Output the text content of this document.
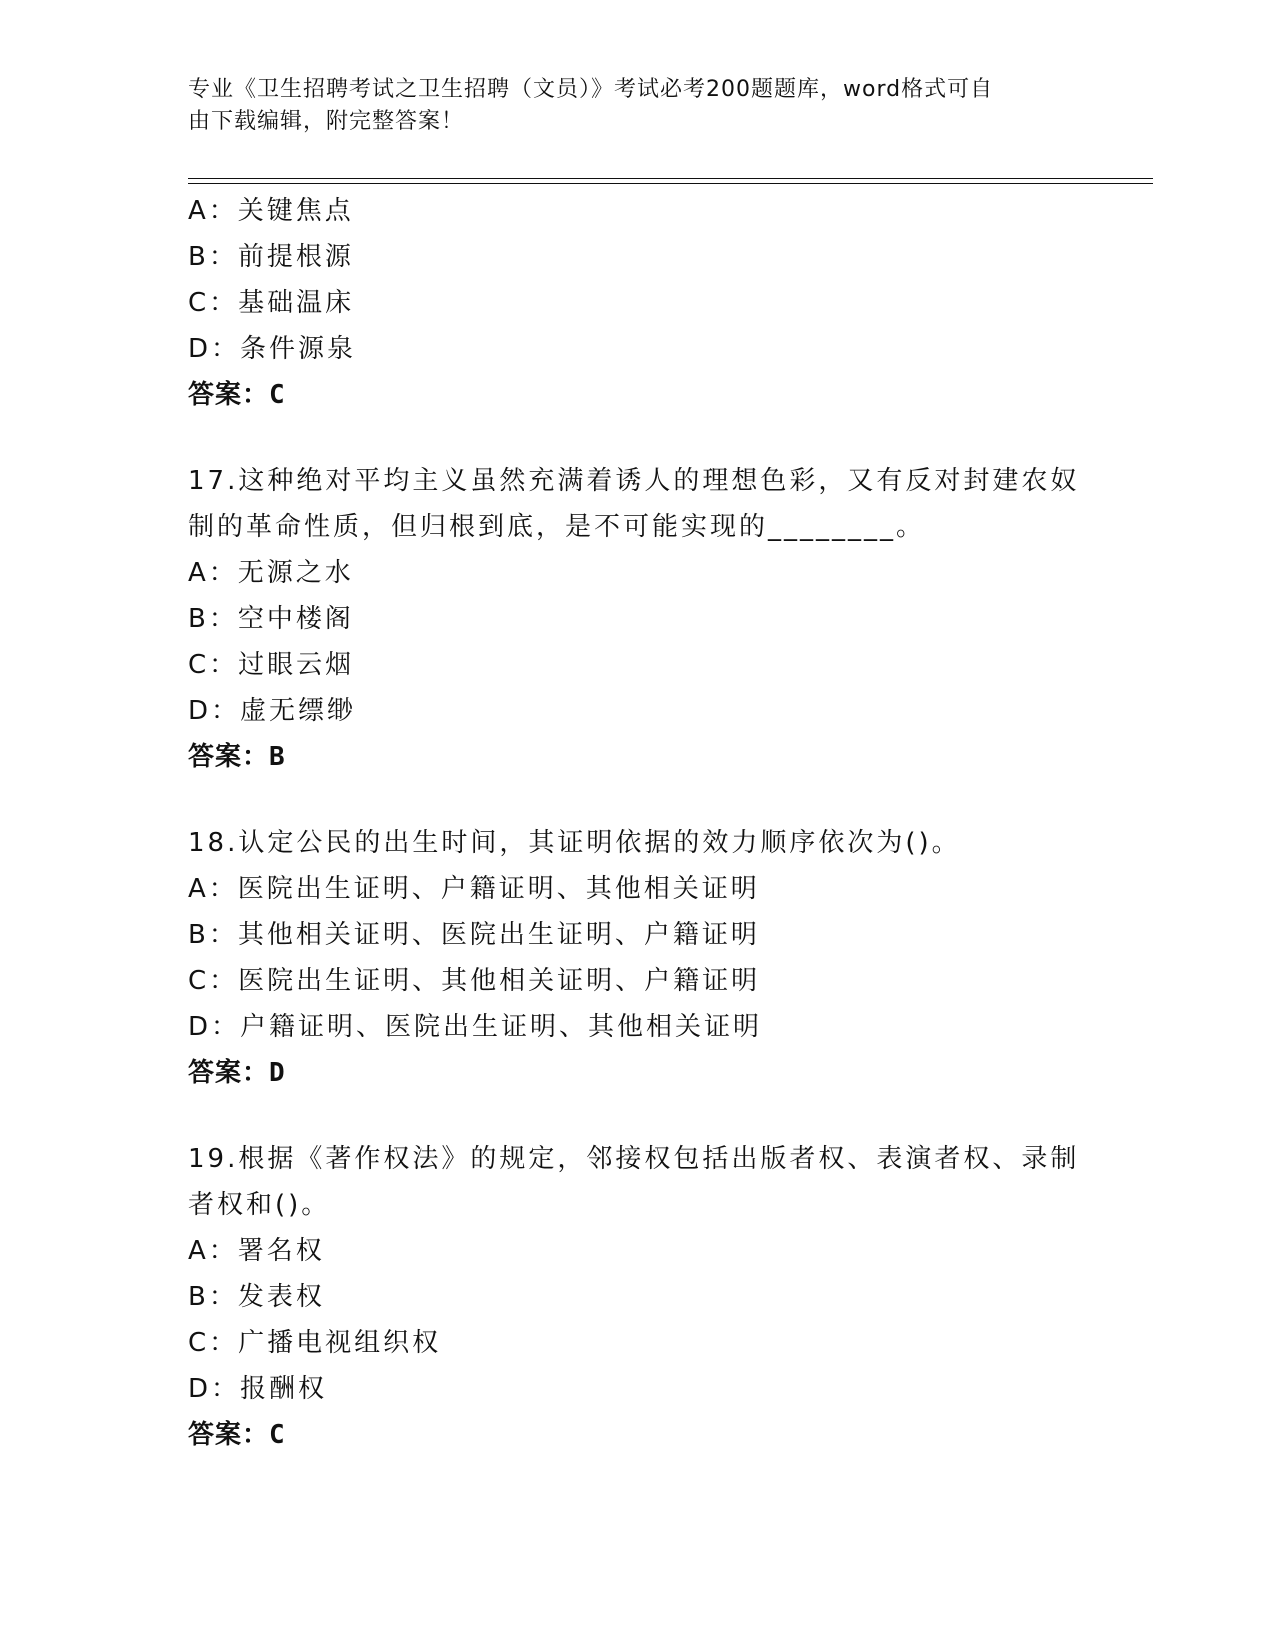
专业《卫生招聘考试之卫生招聘（文员）》考试必考200题题库，word格式可自
由下载编辑，附完整答案！
A：关键焦点
B：前提根源
C：基础温床
D：条件源泉
答案：C
17.这种绝对平均主义虽然充满着诱人的理想色彩，又有反对封建农奴
制的革命性质，但归根到底，是不可能实现的________。
A：无源之水
B：空中楼阁
C：过眼云烟
D：虚无缥缈
答案：B
18.认定公民的出生时间，其证明依据的效力顺序依次为()。
A：医院出生证明、户籍证明、其他相关证明
B：其他相关证明、医院出生证明、户籍证明
C：医院出生证明、其他相关证明、户籍证明
D：户籍证明、医院出生证明、其他相关证明
答案：D
19.根据《著作权法》的规定，邻接权包括出版者权、表演者权、录制
者权和()。
A：署名权
B：发表权
C：广播电视组织权
D：报酬权
答案：C
